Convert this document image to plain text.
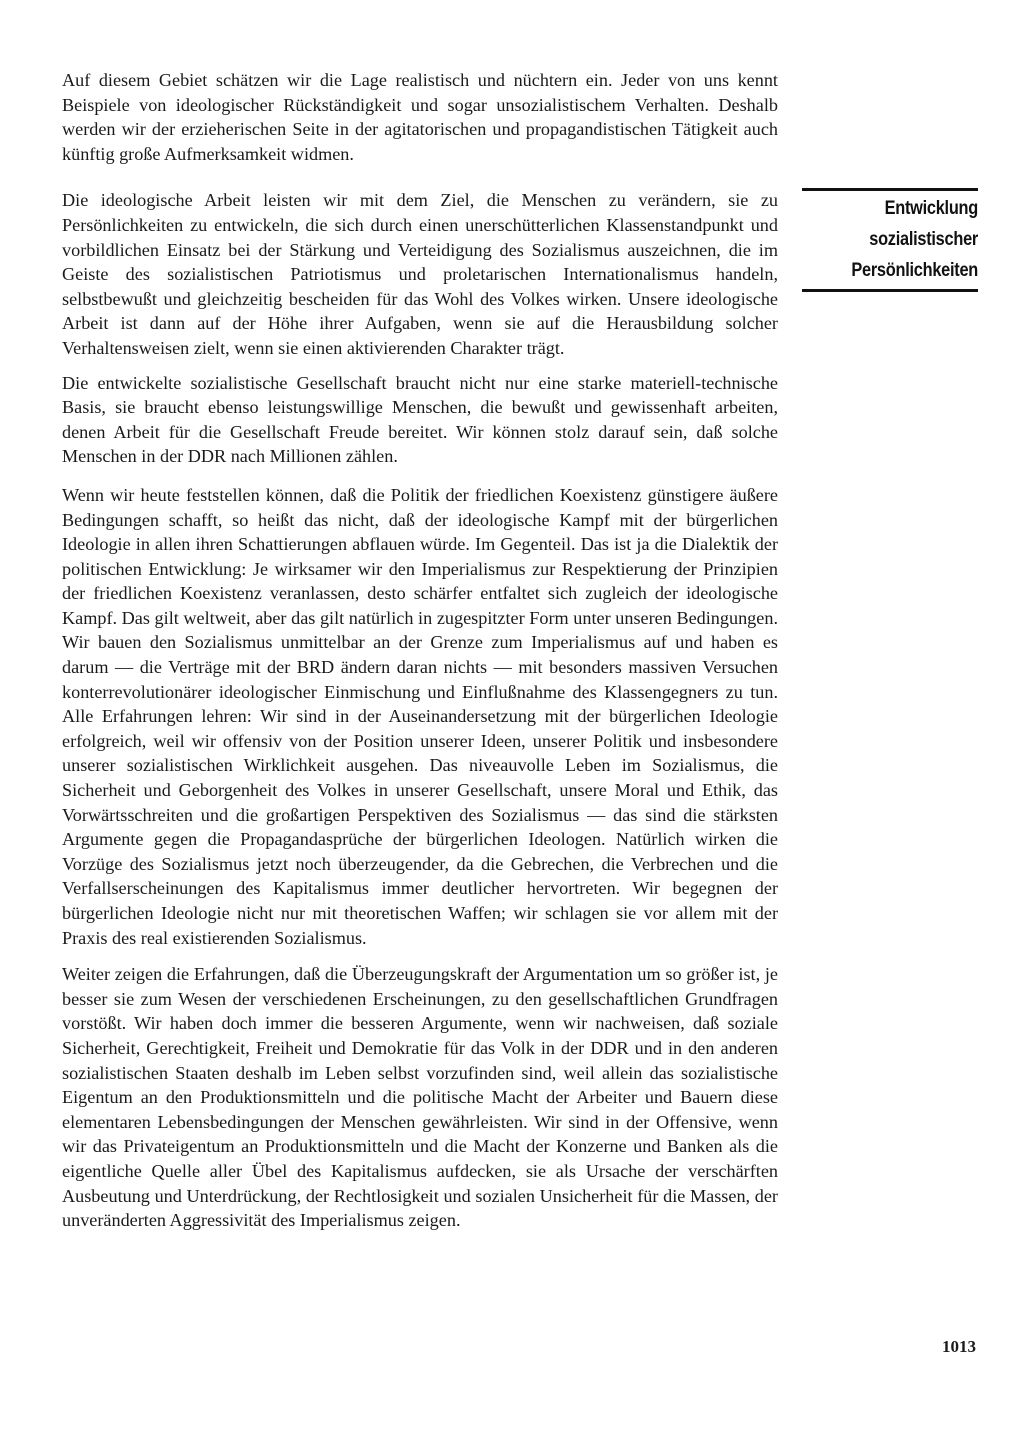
Auf diesem Gebiet schätzen wir die Lage realistisch und nüchtern ein. Jeder von uns kennt Beispiele von ideologischer Rückständigkeit und sogar unsozialistischem Verhalten. Deshalb werden wir der erzieherischen Seite in der agitatorischen und propagandistischen Tätigkeit auch künftig große Aufmerksamkeit widmen.

Die ideologische Arbeit leisten wir mit dem Ziel, die Menschen zu verändern, sie zu Persönlichkeiten zu entwickeln, die sich durch einen unerschütterlichen Klassenstandpunkt und vorbildlichen Einsatz bei der Stärkung und Verteidigung des Sozialismus auszeichnen, die im Geiste des sozialistischen Patriotismus und proletarischen Internationalismus handeln, selbstbewußt und gleichzeitig bescheiden für das Wohl des Volkes wirken. Unsere ideologische Arbeit ist dann auf der Höhe ihrer Aufgaben, wenn sie auf die Herausbildung solcher Verhaltensweisen zielt, wenn sie einen aktivierenden Charakter trägt.

Die entwickelte sozialistische Gesellschaft braucht nicht nur eine starke materiell-technische Basis, sie braucht ebenso leistungswillige Menschen, die bewußt und gewissenhaft arbeiten, denen Arbeit für die Gesellschaft Freude bereitet. Wir können stolz darauf sein, daß solche Menschen in der DDR nach Millionen zählen.

Wenn wir heute feststellen können, daß die Politik der friedlichen Koexistenz günstigere äußere Bedingungen schafft, so heißt das nicht, daß der ideologische Kampf mit der bürgerlichen Ideologie in allen ihren Schattierungen abflauen würde. Im Gegenteil. Das ist ja die Dialektik der politischen Entwicklung: Je wirksamer wir den Imperialismus zur Respektierung der Prinzipien der friedlichen Koexistenz veranlassen, desto schärfer entfaltet sich zugleich der ideologische Kampf. Das gilt weltweit, aber das gilt natürlich in zugespitzter Form unter unseren Bedingungen. Wir bauen den Sozialismus unmittelbar an der Grenze zum Imperialismus auf und haben es darum — die Verträge mit der BRD ändern daran nichts — mit besonders massiven Versuchen konterrevolutionärer ideologischer Einmischung und Einflußnahme des Klassengegners zu tun. Alle Erfahrungen lehren: Wir sind in der Auseinandersetzung mit der bürgerlichen Ideologie erfolgreich, weil wir offensiv von der Position unserer Ideen, unserer Politik und insbesondere unserer sozialistischen Wirklichkeit ausgehen. Das niveauvolle Leben im Sozialismus, die Sicherheit und Geborgenheit des Volkes in unserer Gesellschaft, unsere Moral und Ethik, das Vorwärtsschreiten und die großartigen Perspektiven des Sozialismus — das sind die stärksten Argumente gegen die Propagandasprüche der bürgerlichen Ideologen. Natürlich wirken die Vorzüge des Sozialismus jetzt noch überzeugender, da die Gebrechen, die Verbrechen und die Verfallserscheinungen des Kapitalismus immer deutlicher hervortreten. Wir begegnen der bürgerlichen Ideologie nicht nur mit theoretischen Waffen; wir schlagen sie vor allem mit der Praxis des real existierenden Sozialismus.

Weiter zeigen die Erfahrungen, daß die Überzeugungskraft der Argumentation um so größer ist, je besser sie zum Wesen der verschiedenen Erscheinungen, zu den gesellschaftlichen Grundfragen vorstößt. Wir haben doch immer die besseren Argumente, wenn wir nachweisen, daß soziale Sicherheit, Gerechtigkeit, Freiheit und Demokratie für das Volk in der DDR und in den anderen sozialistischen Staaten deshalb im Leben selbst vorzufinden sind, weil allein das sozialistische Eigentum an den Produktionsmitteln und die politische Macht der Arbeiter und Bauern diese elementaren Lebensbedingungen der Menschen gewährleisten. Wir sind in der Offensive, wenn wir das Privateigentum an Produktionsmitteln und die Macht der Konzerne und Banken als die eigentliche Quelle aller Übel des Kapitalismus aufdecken, sie als Ursache der verschärften Ausbeutung und Unterdrückung, der Rechtlosigkeit und sozialen Unsicherheit für die Massen, der unveränderten Aggressivität des Imperialismus zeigen.

Entwicklung
sozialistischer
Persönlichkeiten
1013
